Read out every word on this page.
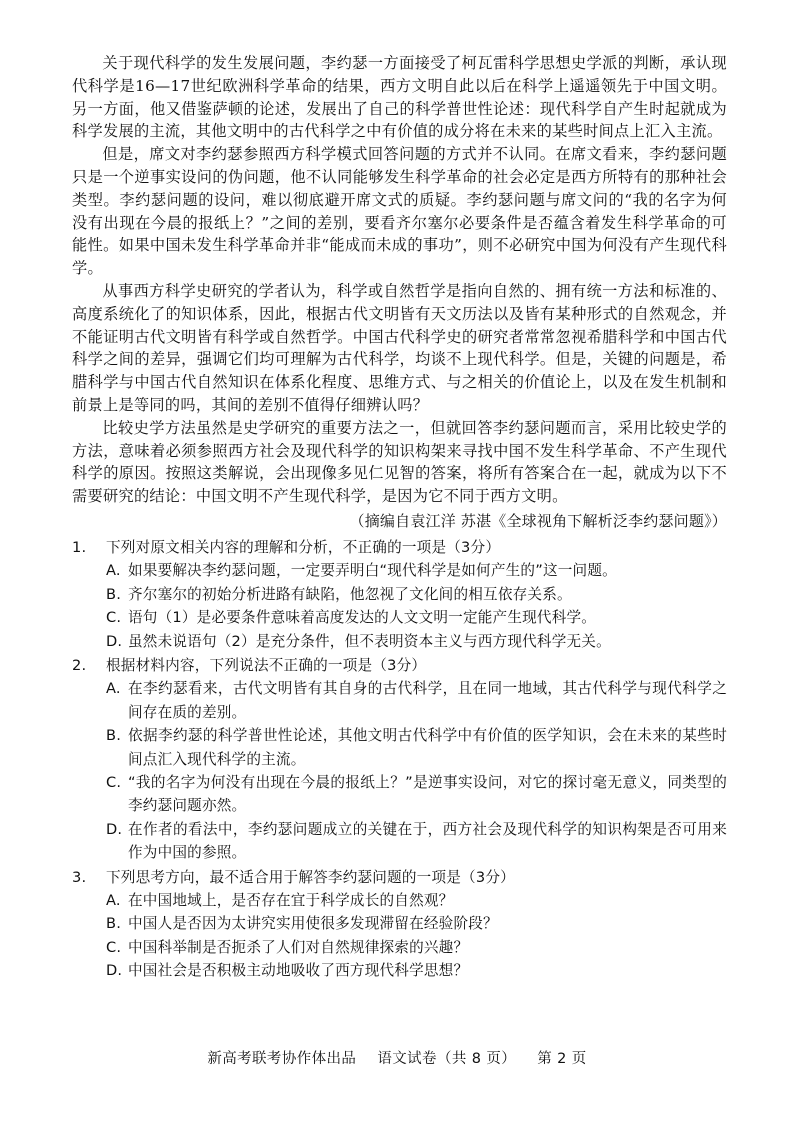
关于现代科学的发生发展问题，李约瑟一方面接受了柯瓦雷科学思想史学派的判断，承认现代科学是16—17世纪欧洲科学革命的结果，西方文明自此以后在科学上遥遥领先于中国文明。另一方面，他又借鉴萨顿的论述，发展出了自己的科学普世性论述：现代科学自产生时起就成为科学发展的主流，其他文明中的古代科学之中有价值的成分将在未来的某些时间点上汇入主流。

但是，席文对李约瑟参照西方科学模式回答问题的方式并不认同。在席文看来，李约瑟问题只是一个逆事实设问的伪问题，他不认同能够发生科学革命的社会必定是西方所特有的那种社会类型。李约瑟问题的设问，难以彻底避开席文式的质疑。李约瑟问题与席文问的“我的名字为何没有出现在今晨的报纸上？”之间的差别，要看齐尔塞尔必要条件是否蕴含着发生科学革命的可能性。如果中国未发生科学革命并非“能成而未成的事功”，则不必研究中国为何没有产生现代科学。

从事西方科学史研究的学者认为，科学或自然哲学是指向自然的、拥有统一方法和标准的、高度系统化了的知识体系，因此，根据古代文明皆有天文历法以及皆有某种形式的自然观念，并不能证明古代文明皆有科学或自然哲学。中国古代科学史的研究者常常忽视希腊科学和中国古代科学之间的差异，强调它们均可理解为古代科学，均谈不上现代科学。但是，关键的问题是，希腊科学与中国古代自然知识在体系化程度、思维方式、与之相关的价值论上，以及在发生机制和前景上是等同的吗，其间的差别不值得仔细辨认吗？

比较史学方法虽然是史学研究的重要方法之一，但就回答李约瑟问题而言，采用比较史学的方法，意味着必须参照西方社会及现代科学的知识构架来寻找中国不发生科学革命、不产生现代科学的原因。按照这类解说，会出现像多见仁见智的答案，将所有答案合在一起，就成为以下不需要研究的结论：中国文明不产生现代科学，是因为它不同于西方文明。

（摘编自袁江洋 苏湛《全球视角下解析泛李约瑟问题》）
1.	下列对原文相关内容的理解和分析，不正确的一项是（3分）
A. 如果要解决李约瑟问题，一定要弄明白“现代科学是如何产生的”这一问题。
B. 齐尔塞尔的初始分析进路有缺陷，他忽视了文化间的相互依存关系。
C. 语句（1）是必要条件意味着高度发达的人文文明一定能产生现代科学。
D. 虽然未说语句（2）是充分条件，但不表明资本主义与西方现代科学无关。
2.	根据材料内容，下列说法不正确的一项是（3分）
A. 在李约瑟看来，古代文明皆有其自身的古代科学，且在同一地域，其古代科学与现代科学之间存在质的差别。
B. 依据李约瑟的科学普世性论述，其他文明古代科学中有价值的医学知识，会在未来的某些时间点汇入现代科学的主流。
C. “我的名字为何没有出现在今晨的报纸上？”是逆事实设问，对它的探讨毫无意义，同类型的李约瑟问题亦然。
D. 在作者的看法中，李约瑟问题成立的关键在于，西方社会及现代科学的知识构架是否可用来作为中国的参照。
3.	下列思考方向，最不适合用于解答李约瑟问题的一项是（3分）
A. 在中国地域上，是否存在宜于科学成长的自然观？
B. 中国人是否因为太讲究实用使很多发现滞留在经验阶段？
C. 中国科举制是否扼杀了人们对自然规律探索的兴趣？
D. 中国社会是否积极主动地吸收了西方现代科学思想？
新高考联考协作体出品 语文试卷（共 8 页） 第 2 页
